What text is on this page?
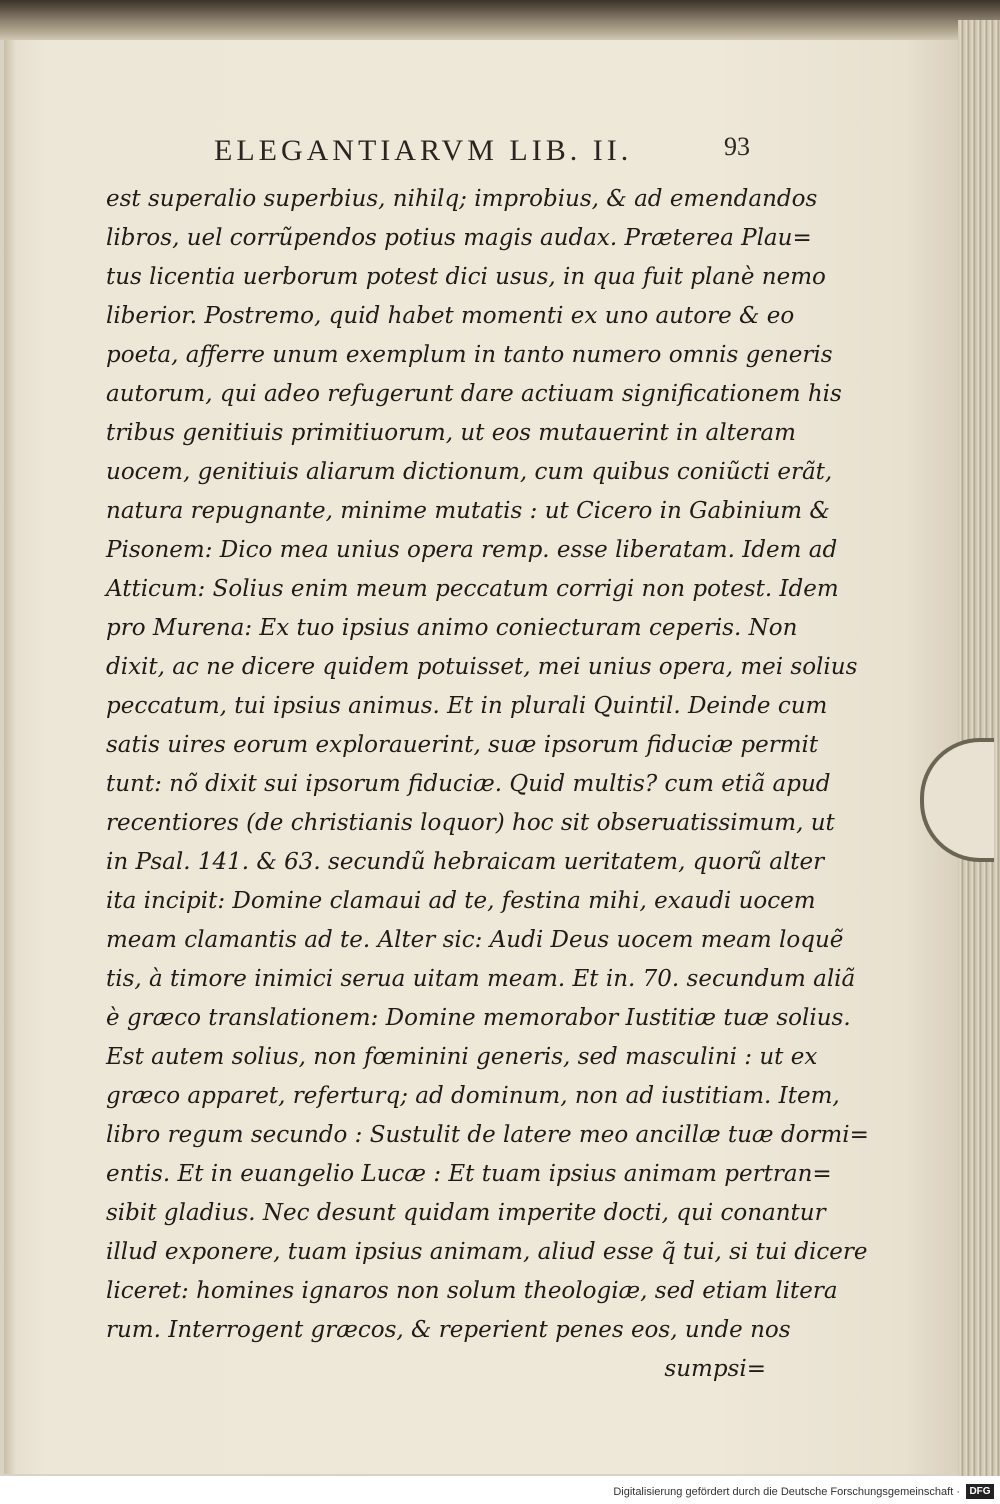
ELEGANTIARVM LIB. II.	93
est superalio superbius, nihilq; improbius, & ad emendandos
libros, uel corrũpendos potius magis audax. Præterea Plau=
tus licentia uerborum potest dici usus, in qua fuit planè nemo
liberior. Postremo, quid habet momenti ex uno autore & eo
poeta, afferre unum exemplum in tanto numero omnis generis
autorum, qui adeo refugerunt dare actiuam significationem his
tribus genitiuis primitiuorum, ut eos mutauerint in alteram
uocem, genitiuis aliarum dictionum, cum quibus coniũcti erãt,
natura repugnante, minime mutatis : ut Cicero in Gabinium &
Pisonem: Dico mea unius opera remp. esse liberatam. Idem ad
Atticum: Solius enim meum peccatum corrigi non potest. Idem
pro Murena: Ex tuo ipsius animo coniecturam ceperis. Non
dixit, ac ne dicere quidem potuisset, mei unius opera, mei solius
peccatum, tui ipsius animus. Et in plurali Quintil. Deinde cum
satis uires eorum explorauerint, suæ ipsorum fiduciæ permit
tunt: nõ dixit sui ipsorum fiduciæ. Quid multis? cum etiã apud
recentiores (de christianis loquor) hoc sit obseruatissimum, ut
in Psal. 141. & 63. secundũ hebraicam ueritatem, quorũ alter
ita incipit: Domine clamaui ad te, festina mihi, exaudi uocem
meam clamantis ad te. Alter sic: Audi Deus uocem meam loquẽ
tis, à timore inimici serua uitam meam. Et in. 70. secundum aliã
è græco translationem: Domine memorabor Iustitiæ tuæ solius.
Est autem solius, non fœminini generis, sed masculini : ut ex
græco apparet, referturq; ad dominum, non ad iustitiam. Item,
libro regum secundo : Sustulit de latere meo ancillæ tuæ dormi=
entis. Et in euangelio Lucæ : Et tuam ipsius animam pertran=
sibit gladius. Nec desunt quidam imperite docti, qui conantur
illud exponere, tuam ipsius animam, aliud esse q̃ tui, si tui dicere
liceret: homines ignaros non solum theologiæ, sed etiam litera
rum. Interrogent græcos, & reperient penes eos, unde nos
sumpsi=
Digitalisierung gefördert durch die Deutsche Forschungsgemeinschaft · DFG
